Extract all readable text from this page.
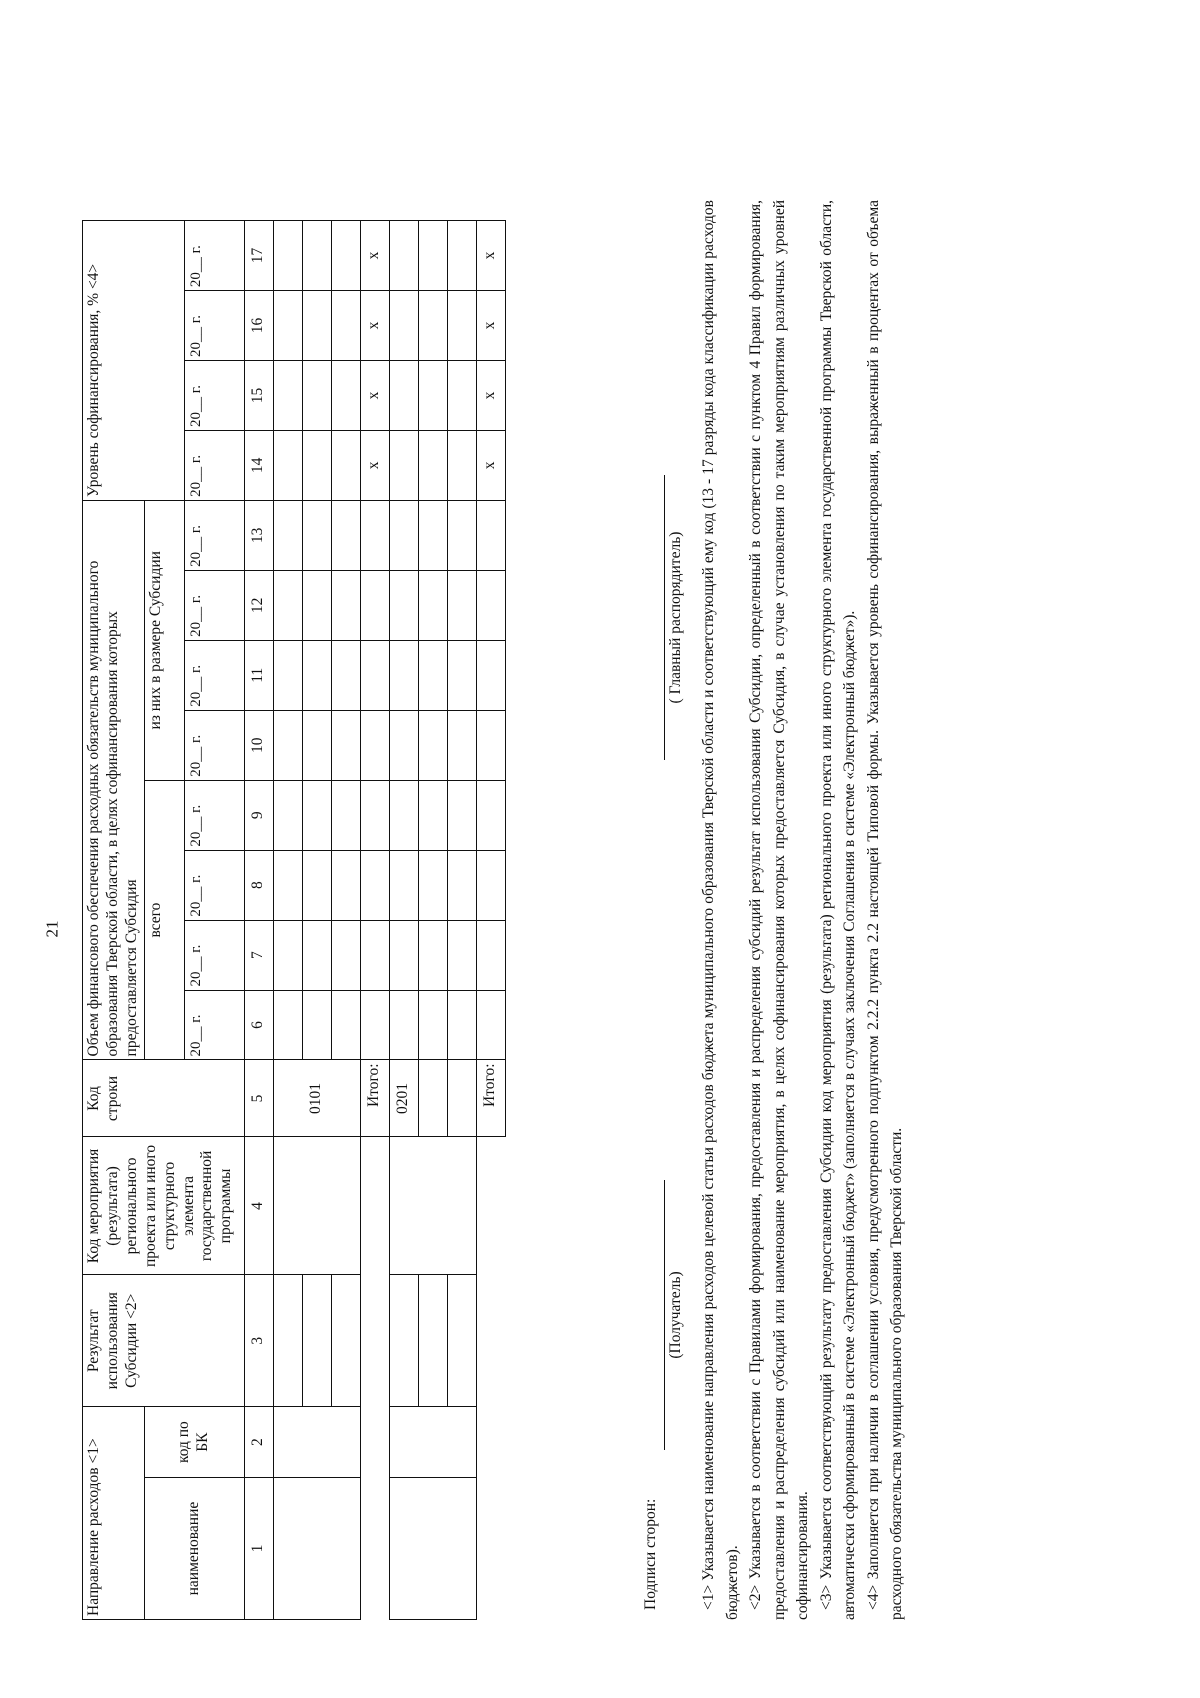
21
Направление расходов <1>		Результат использования Субсидии <2>	Код мероприятия (результата) регионального проекта или иного структурного элемента государственной программы	Код строки	Объем финансового обеспечения расходных обязательств муниципального образования Тверской области, в целях софинансирования которых предоставляется Субсидия								Уровень софинансирования, % <4>			
наименование	код по БК				всего				из них в размере Субсидии							
					20__ г.	20__ г.	20__ г.	20__ г.	20__ г.	20__ г.	20__ г.	20__ г.	20__ г.	20__ г.	20__ г.	20__ г.
1	2	3	4	5	6	7	8	9	10	11	12	13	14	15	16	17
				0101												

				Итого:									x	x	x	x
				0201												

				Итого:									x	x	x	x
Подписи сторон:
(Получатель)
( Главный распорядитель) <1> Указывается наименование направления расходов целевой статьи расходов бюджета муниципального образования Тверской области и соответствующий ему код (13 - 17 разряды кода классификации расходов бюджетов). <2> Указывается в соответствии с Правилами формирования, предоставления и распределения субсидий результат использования Субсидии, определенный в соответствии с пунктом 4 Правил формирования, предоставления и распределения субсидий или наименование мероприятия, в целях софинансирования которых предоставляется Субсидия, в случае установления по таким мероприятиям различных уровней софинансирования. <3> Указывается соответствующий результату предоставления Субсидии код мероприятия (результата) регионального проекта или иного структурного элемента государственной программы Тверской области, автоматически сформированный в системе «Электронный бюджет» (заполняется в случаях заключения Соглашения в системе «Электронный бюджет»). <4> Заполняется при наличии в соглашении условия, предусмотренного подпунктом 2.2.2 пункта 2.2 настоящей Типовой формы. Указывается уровень софинансирования, выраженный в процентах от объема расходного обязательства муниципального образования Тверской области.
